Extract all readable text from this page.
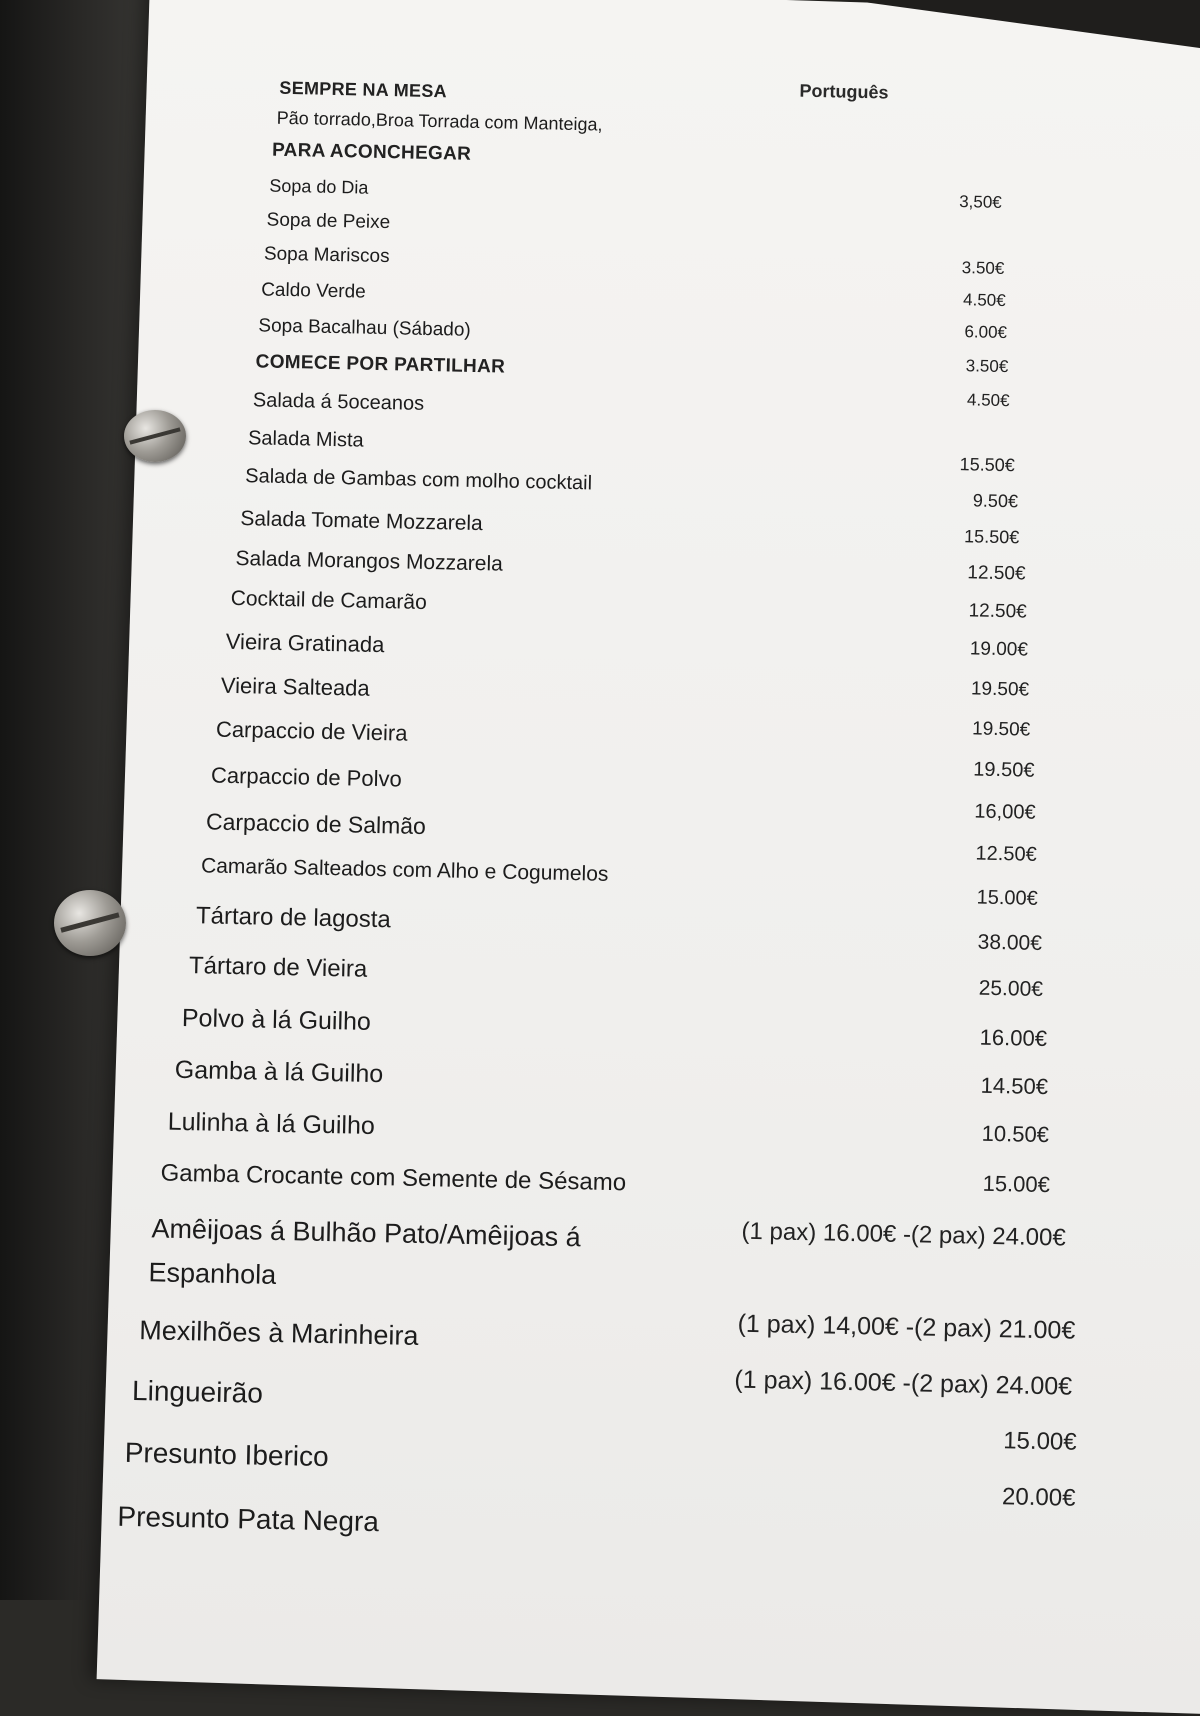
Português
SEMPRE NA MESA
Pão torrado,Broa Torrada com Manteiga,
PARA ACONCHEGAR
Sopa do Dia
Sopa de Peixe
Sopa Mariscos
Caldo Verde
Sopa Bacalhau (Sábado)
COMECE POR PARTILHAR
Salada á 5oceanos
Salada Mista
Salada de Gambas com molho cocktail
Salada Tomate Mozzarela
Salada Morangos Mozzarela
Cocktail de Camarão
Vieira Gratinada
Vieira Salteada
Carpaccio de Vieira
Carpaccio de Polvo
Carpaccio de Salmão
Camarão Salteados com Alho e Cogumelos
Tártaro de lagosta
Tártaro de Vieira
Polvo à lá Guilho
Gamba à lá Guilho
Lulinha à lá Guilho
Gamba Crocante com Semente de Sésamo
Amêijoas á Bulhão Pato/Amêijoas á
Espanhola
Mexilhões à Marinheira
Lingueirão
Presunto Iberico
Presunto Pata Negra
3,50€
3.50€
4.50€
6.00€
3.50€
4.50€
15.50€
9.50€
15.50€
12.50€
12.50€
19.00€
19.50€
19.50€
19.50€
16,00€
12.50€
15.00€
38.00€
25.00€
16.00€
14.50€
10.50€
15.00€
(1 pax) 16.00€ -(2 pax) 24.00€
(1 pax) 14,00€ -(2 pax) 21.00€
(1 pax) 16.00€ -(2 pax) 24.00€
15.00€
20.00€
